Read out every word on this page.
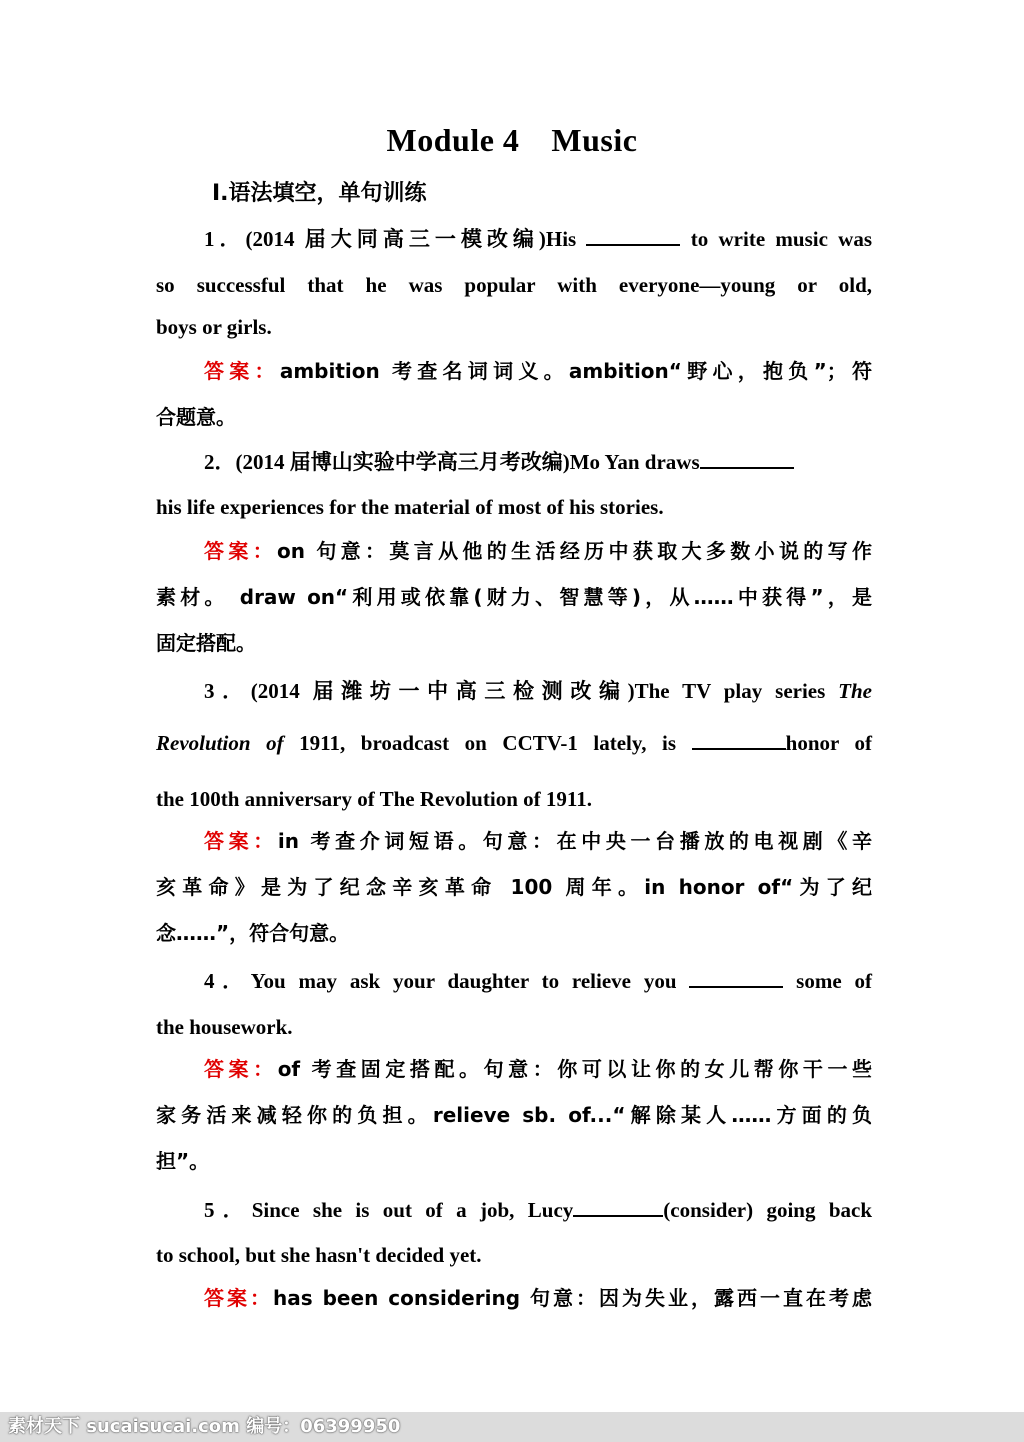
Module 4 Music
Ⅰ.语法填空，单句训练
1．(2014 届大同高三一模改编)His	to write music was
so successful that he was popular with everyone—young or old,
boys or girls.
答案：ambition 考查名词词义。ambition“野心，抱负”；符
合题意。
2．(2014 届博山实验中学高三月考改编)Mo Yan draws
his life experiences for the material of most of his stories.
答案：on 句意：莫言从他的生活经历中获取大多数小说的写作
素材。 draw on“利用或依靠(财力、智慧等)，从……中获得”，是
固定搭配。
3．(2014 届潍坊一中高三检测改编)The TV play series The
Revolution of 1911, broadcast on CCTV-1 lately, is	honor of
the 100th anniversary of The Revolution of 1911.
答案：in 考查介词短语。句意：在中央一台播放的电视剧《辛
亥革命》是为了纪念辛亥革命 100 周年。in honor of“为了纪
念……”，符合句意。
4．You may ask your daughter to relieve you	some of
the housework.
答案：of 考查固定搭配。句意：你可以让你的女儿帮你干一些
家务活来减轻你的负担。relieve sb. of...“解除某人……方面的负
担”。
5．Since she is out of a job, Lucy	(consider) going back
to school, but she hasn't decided yet.
答案：has been considering 句意：因为失业，露西一直在考虑
素材天下 sucaisucai.com 编号：06399950
